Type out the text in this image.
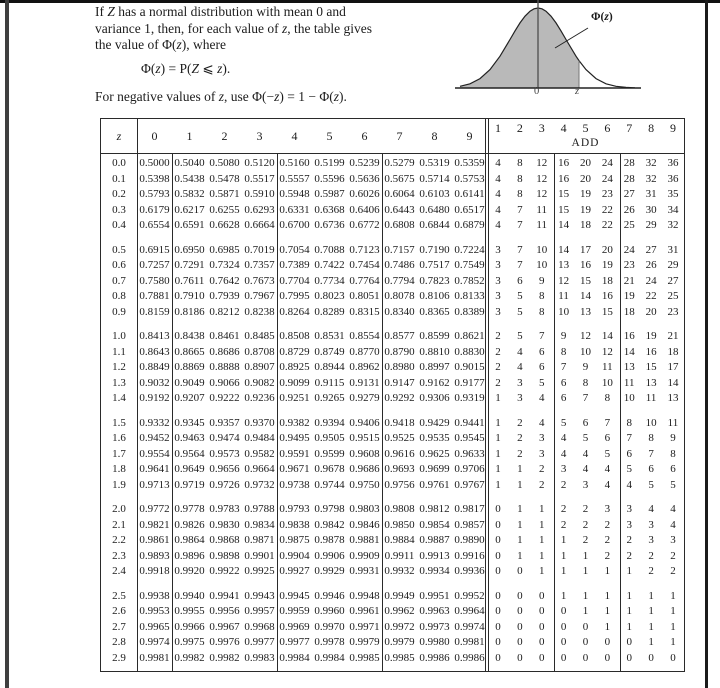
If Z has a normal distribution with mean 0 and
variance 1, then, for each value of z, the table gives
the value of Φ(z), where
Φ(z) = P(Z ⩽ z).
For negative values of z, use Φ(−z) = 1 − Φ(z).
Φ(z)
0	z
z	0	1	2	3	4	5	6	7	8	9
1	2	3	4	5	6	7	8	9
ADD
0.0	0.5000 0.5040 0.5080 0.5120 0.5160 0.5199 0.5239 0.5279 0.5319 0.5359 4	8	12 16 20 24 28 32 36
0.1	0.5398 0.5438 0.5478 0.5517 0.5557 0.5596 0.5636 0.5675 0.5714 0.5753 4	8	12 16 20 24 28 32 36
0.2	0.5793 0.5832 0.5871 0.5910 0.5948 0.5987 0.6026 0.6064 0.6103 0.6141 4	8	12 15 19 23 27 31 35
0.3	0.6179 0.6217 0.6255 0.6293 0.6331 0.6368 0.6406 0.6443 0.6480 0.6517 4	7	11	15 19 22 26 30 34
0.4	0.6554 0.6591 0.6628 0.6664 0.6700 0.6736 0.6772 0.6808 0.6844 0.6879 4	7	11	14 18 22 25 29 32
0.5	0.6915 0.6950 0.6985 0.7019 0.7054 0.7088 0.7123 0.7157 0.7190 0.7224 3	7	10 14 17 20 24 27 31
0.6	0.7257 0.7291 0.7324 0.7357 0.7389 0.7422 0.7454 0.7486 0.7517 0.7549 3	7	10 13 16 19 23 26 29
0.7	0.7580 0.7611 0.7642 0.7673 0.7704 0.7734 0.7764 0.7794 0.7823 0.7852 3	6	9	12 15 18 21 24 27
0.8	0.7881 0.7910 0.7939 0.7967 0.7995 0.8023 0.8051 0.8078 0.8106 0.8133 3	5	8	11	14 16 19 22 25
0.9	0.8159 0.8186 0.8212 0.8238 0.8264 0.8289 0.8315 0.8340 0.8365 0.8389 3	5	8	10 13 15 18 20 23
1.0	0.8413 0.8438 0.8461 0.8485 0.8508 0.8531 0.8554 0.8577 0.8599 0.8621 2	5	7	9	12 14 16 19 21
1.1	0.8643 0.8665 0.8686 0.8708 0.8729 0.8749 0.8770 0.8790 0.8810 0.8830 2	4	6	8	10 12 14 16 18
1.2	0.8849 0.8869 0.8888 0.8907 0.8925 0.8944 0.8962 0.8980 0.8997 0.9015 2	4	6	7	9	11	13 15 17
1.3	0.9032 0.9049 0.9066 0.9082 0.9099 0.9115 0.9131 0.9147 0.9162 0.9177 2	3	5	6	8	10	11	13 14
1.4	0.9192 0.9207 0.9222 0.9236 0.9251 0.9265 0.9279 0.9292 0.9306 0.9319 1	3	4	6	7	8	10	11	13
1.5	0.9332 0.9345 0.9357 0.9370 0.9382 0.9394 0.9406 0.9418 0.9429 0.9441 1	2	4	5	6	7	8	10	11
1.6	0.9452 0.9463 0.9474 0.9484 0.9495 0.9505 0.9515 0.9525 0.9535 0.9545 1	2	3	4	5	6	7	8	9
1.7	0.9554 0.9564 0.9573 0.9582 0.9591 0.9599 0.9608 0.9616 0.9625 0.9633 1	2	3	4	4	5	6	7	8
1.8	0.9641 0.9649 0.9656 0.9664 0.9671 0.9678 0.9686 0.9693 0.9699 0.9706 1	1	2	3	4	4	5	6	6
1.9	0.9713 0.9719 0.9726 0.9732 0.9738 0.9744 0.9750 0.9756 0.9761 0.9767 1	1	2	2	3	4	4	5	5
2.0	0.9772 0.9778 0.9783 0.9788 0.9793 0.9798 0.9803 0.9808 0.9812 0.9817 0	1	1	2	2	3	3	4	4
2.1	0.9821 0.9826 0.9830 0.9834 0.9838 0.9842 0.9846 0.9850 0.9854 0.9857 0	1	1	2	2	2	3	3	4
2.2	0.9861 0.9864 0.9868 0.9871 0.9875 0.9878 0.9881 0.9884 0.9887 0.9890 0	1	1	1	2	2	2	3	3
2.3	0.9893 0.9896 0.9898 0.9901 0.9904 0.9906 0.9909 0.9911 0.9913 0.9916 0	1	1	1	1	2	2	2	2
2.4	0.9918 0.9920 0.9922 0.9925 0.9927 0.9929 0.9931 0.9932 0.9934 0.9936 0	0	1	1	1	1	1	2	2
2.5	0.9938 0.9940 0.9941 0.9943 0.9945 0.9946 0.9948 0.9949 0.9951 0.9952 0	0	0	1	1	1	1	1	1
2.6	0.9953 0.9955 0.9956 0.9957 0.9959 0.9960 0.9961 0.9962 0.9963 0.9964 0	0	0	0	1	1	1	1	1
2.7	0.9965 0.9966 0.9967 0.9968 0.9969 0.9970 0.9971 0.9972 0.9973 0.9974 0	0	0	0	0	1	1	1	1
2.8	0.9974 0.9975 0.9976 0.9977 0.9977 0.9978 0.9979 0.9979 0.9980 0.9981 0	0	0	0	0	0	0	1	1
2.9	0.9981 0.9982 0.9982 0.9983 0.9984 0.9984 0.9985 0.9985 0.9986 0.9986 0	0	0	0	0	0	0	0	0
